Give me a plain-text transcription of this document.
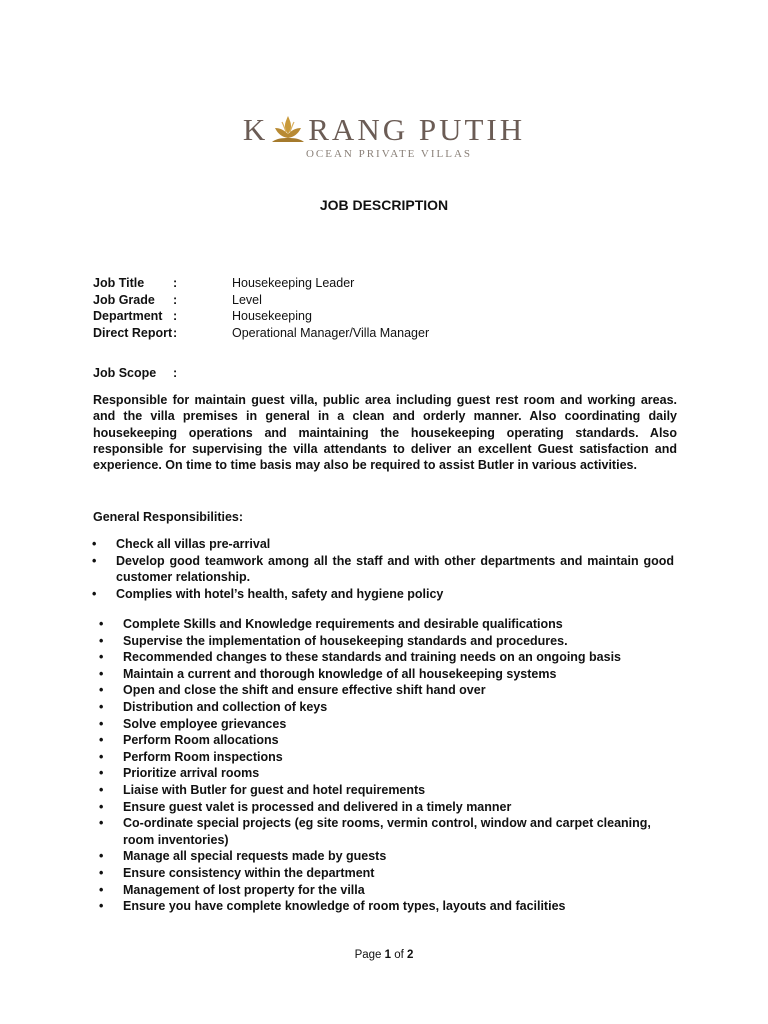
K RANG PUTIH
OCEAN PRIVATE VILLAS
JOB DESCRIPTION
Job Title	:	Housekeeping Leader
Job Grade	:	Level
Department :	Housekeeping
Direct Report :	Operational Manager/Villa Manager
Job Scope	:
Responsible for maintain guest villa, public area including guest rest room and working areas. and the villa premises in general in a clean and orderly manner. Also coordinating daily housekeeping operations and maintaining the housekeeping operating standards. Also responsible for supervising the villa attendants to deliver an excellent Guest satisfaction and experience. On time to time basis may also be required to assist Butler in various activities.
General Responsibilities:
• Check all villas pre-arrival
• Develop good teamwork among all the staff and with other departments and maintain good customer relationship.
• Complies with hotel’s health, safety and hygiene policy
• Complete Skills and Knowledge requirements and desirable qualifications
• Supervise the implementation of housekeeping standards and procedures.
• Recommended changes to these standards and training needs on an ongoing basis
• Maintain a current and thorough knowledge of all housekeeping systems
• Open and close the shift and ensure effective shift hand over
• Distribution and collection of keys
• Solve employee grievances
• Perform Room allocations
• Perform Room inspections
• Prioritize arrival rooms
• Liaise with Butler for guest and hotel requirements
• Ensure guest valet is processed and delivered in a timely manner
• Co-ordinate special projects (eg site rooms, vermin control, window and carpet cleaning, room inventories)
• Manage all special requests made by guests
• Ensure consistency within the department
• Management of lost property for the villa
• Ensure you have complete knowledge of room types, layouts and facilities
Page 1 of 2
